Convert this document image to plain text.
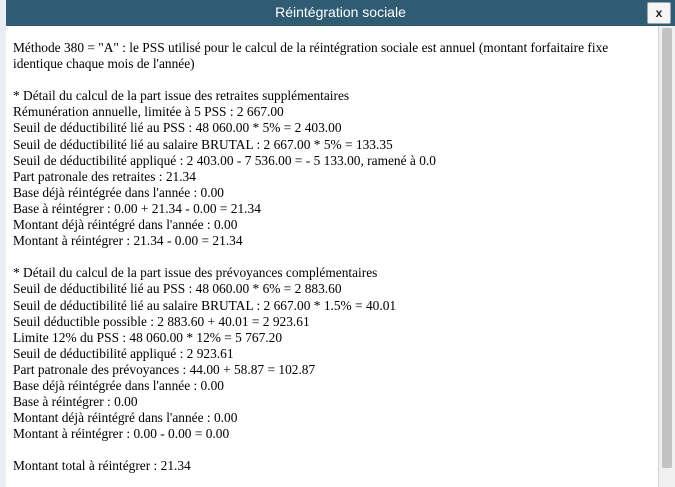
Réintégration sociale	x
Méthode 380 = "A" : le PSS utilisé pour le calcul de la réintégration sociale est annuel (montant forfaitaire fixe identique chaque mois de l'année)
* Détail du calcul de la part issue des retraites supplémentaires
Rémunération annuelle, limitée à 5 PSS : 2 667.00
Seuil de déductibilité lié au PSS : 48 060.00 * 5% = 2 403.00
Seuil de déductibilité lié au salaire BRUTAL : 2 667.00 * 5% = 133.35
Seuil de déductibilité appliqué : 2 403.00 - 7 536.00 = - 5 133.00, ramené à 0.0
Part patronale des retraites : 21.34
Base déjà réintégrée dans l'année : 0.00
Base à réintégrer : 0.00 + 21.34 - 0.00 = 21.34
Montant déjà réintégré dans l'année : 0.00
Montant à réintégrer : 21.34 - 0.00 = 21.34
* Détail du calcul de la part issue des prévoyances complémentaires
Seuil de déductibilité lié au PSS : 48 060.00 * 6% = 2 883.60
Seuil de déductibilité lié au salaire BRUTAL : 2 667.00 * 1.5% = 40.01
Seuil déductible possible : 2 883.60 + 40.01 = 2 923.61
Limite 12% du PSS : 48 060.00 * 12% = 5 767.20
Seuil de déductibilité appliqué : 2 923.61
Part patronale des prévoyances : 44.00 + 58.87 = 102.87
Base déjà réintégrée dans l'année : 0.00
Base à réintégrer : 0.00
Montant déjà réintégré dans l'année : 0.00
Montant à réintégrer : 0.00 - 0.00 = 0.00
Montant total à réintégrer : 21.34
